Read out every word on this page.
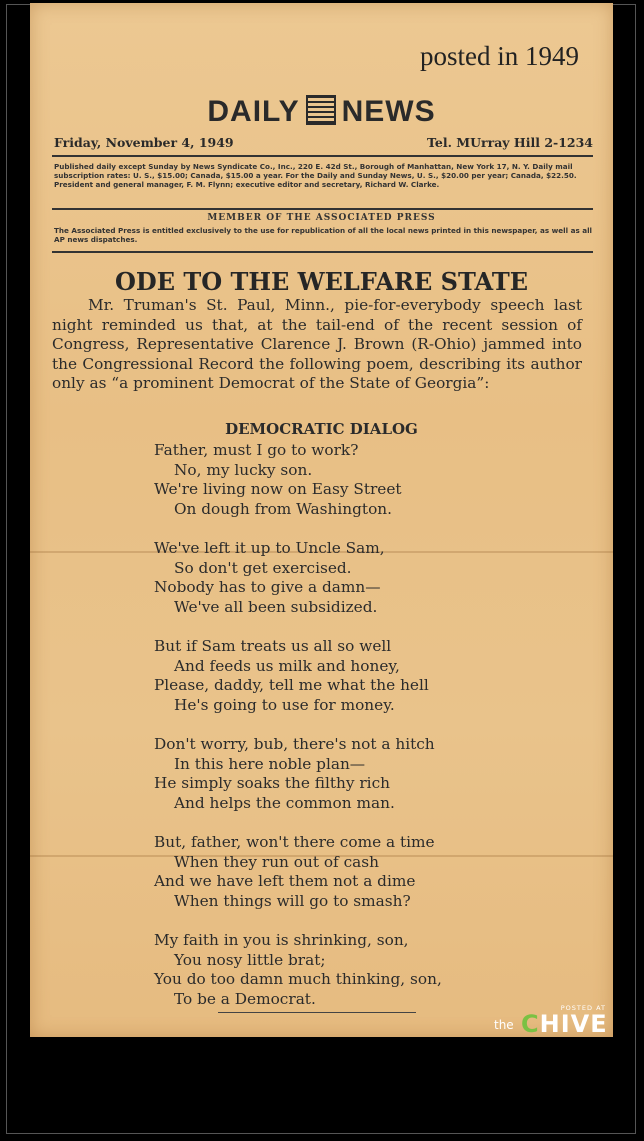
posted in 1949
DAILY NEWS
Friday, November 4, 1949	Tel. MUrray Hill 2-1234
Published daily except Sunday by News Syndicate Co., Inc., 220 E. 42d St., Borough of Manhattan, New York 17, N. Y. Daily mail subscription rates: U. S., $15.00; Canada, $15.00 a year. For the Daily and Sunday News, U. S., $20.00 per year; Canada, $22.50. President and general manager, F. M. Flynn; executive editor and secretary, Richard W. Clarke.
MEMBER OF THE ASSOCIATED PRESS
The Associated Press is entitled exclusively to the use for republication of all the local news printed in this newspaper, as well as all AP news dispatches.
ODE TO THE WELFARE STATE

Mr. Truman's St. Paul, Minn., pie-for-everybody speech last night reminded us that, at the tail-end of the recent session of Congress, Representative Clarence J. Brown (R-Ohio) jammed into the Congressional Record the following poem, describing its author only as “a prominent Democrat of the State of Georgia”:

DEMOCRATIC DIALOG
Father, must I go to work?
No, my lucky son.
We're living now on Easy Street
On dough from Washington.
We've left it up to Uncle Sam,
So don't get exercised.
Nobody has to give a damn—
We've all been subsidized.
But if Sam treats us all so well
And feeds us milk and honey,
Please, daddy, tell me what the hell
He's going to use for money.
Don't worry, bub, there's not a hitch
In this here noble plan—
He simply soaks the filthy rich
And helps the common man.
But, father, won't there come a time
When they run out of cash
And we have left them not a dime
When things will go to smash?
My faith in you is shrinking, son,
You nosy little brat;
You do too damn much thinking, son,
To be a Democrat.
POSTED AT
the CHIVE
